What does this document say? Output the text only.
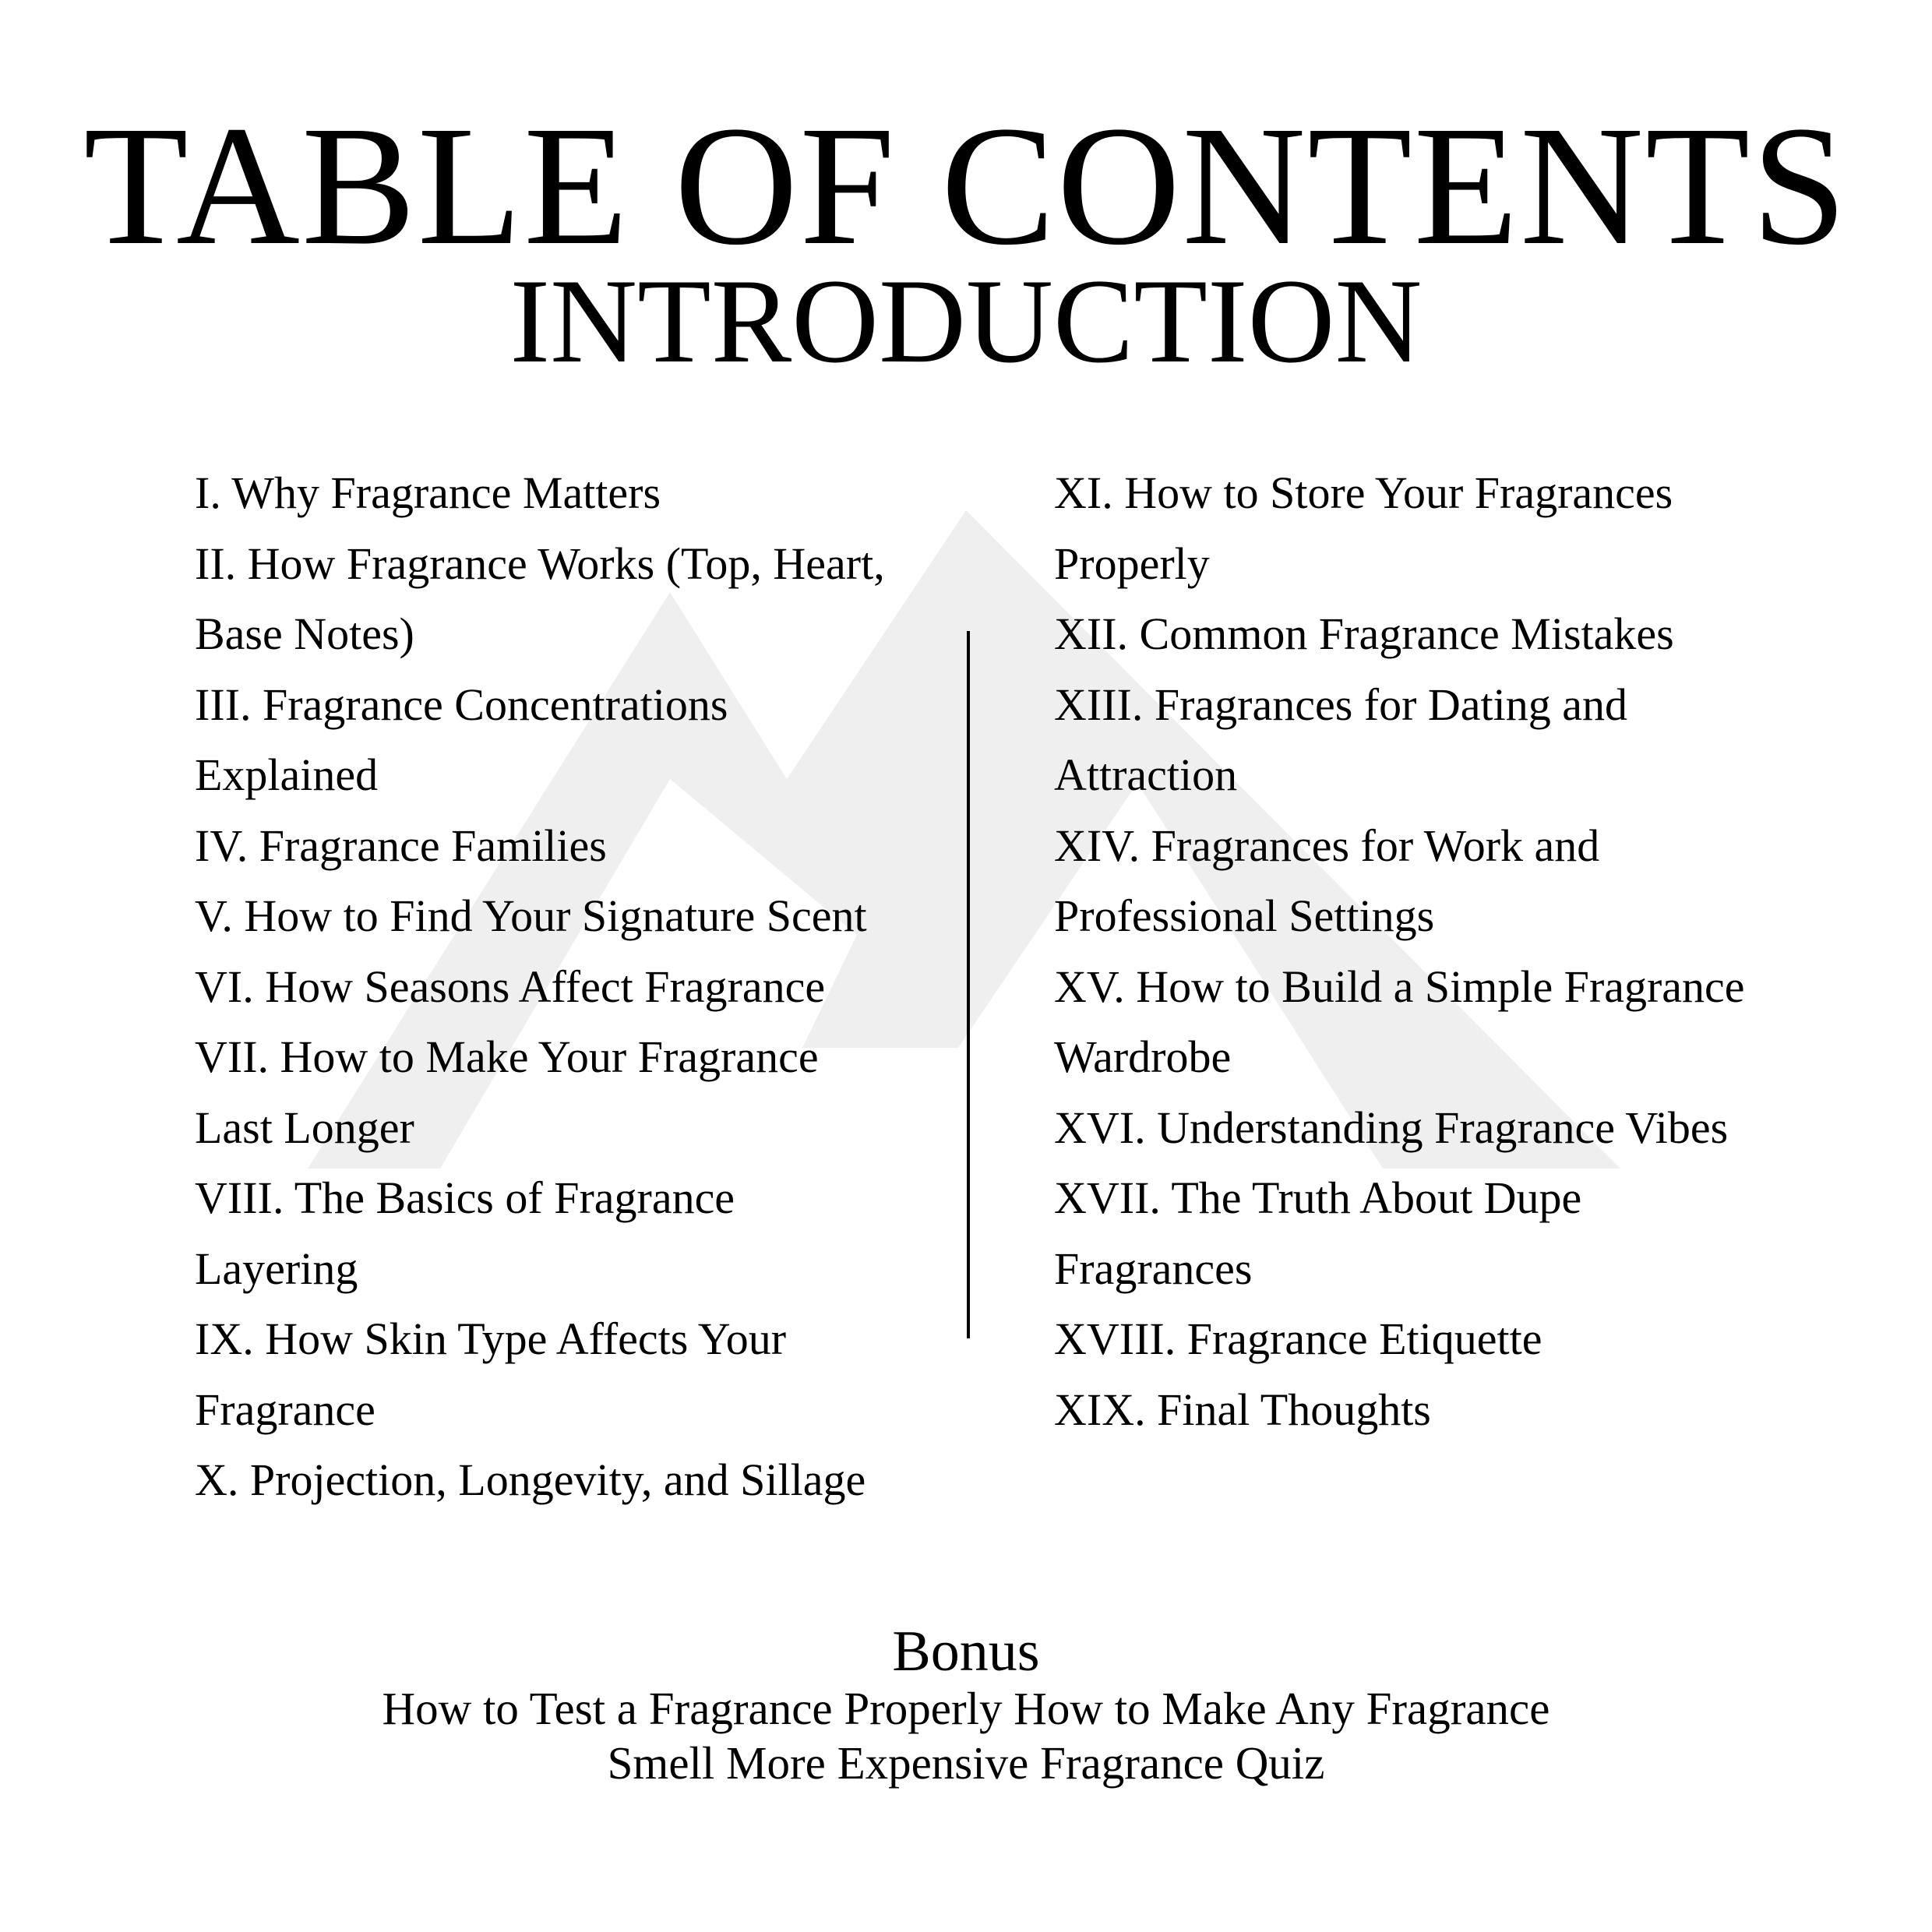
TABLE OF CONTENTS
INTRODUCTION
I. Why Fragrance Matters
II. How Fragrance Works (Top, Heart,
Base Notes)
III. Fragrance Concentrations
Explained
IV. Fragrance Families
V. How to Find Your Signature Scent
VI. How Seasons Affect Fragrance
VII. How to Make Your Fragrance
Last Longer
VIII. The Basics of Fragrance
Layering
IX. How Skin Type Affects Your
Fragrance
X. Projection, Longevity, and Sillage
XI. How to Store Your Fragrances
Properly
XII. Common Fragrance Mistakes
XIII. Fragrances for Dating and
Attraction
XIV. Fragrances for Work and
Professional Settings
XV. How to Build a Simple Fragrance
Wardrobe
XVI. Understanding Fragrance Vibes
XVII. The Truth About Dupe
Fragrances
XVIII. Fragrance Etiquette
XIX. Final Thoughts
Bonus
How to Test a Fragrance Properly How to Make Any Fragrance
Smell More Expensive Fragrance Quiz
